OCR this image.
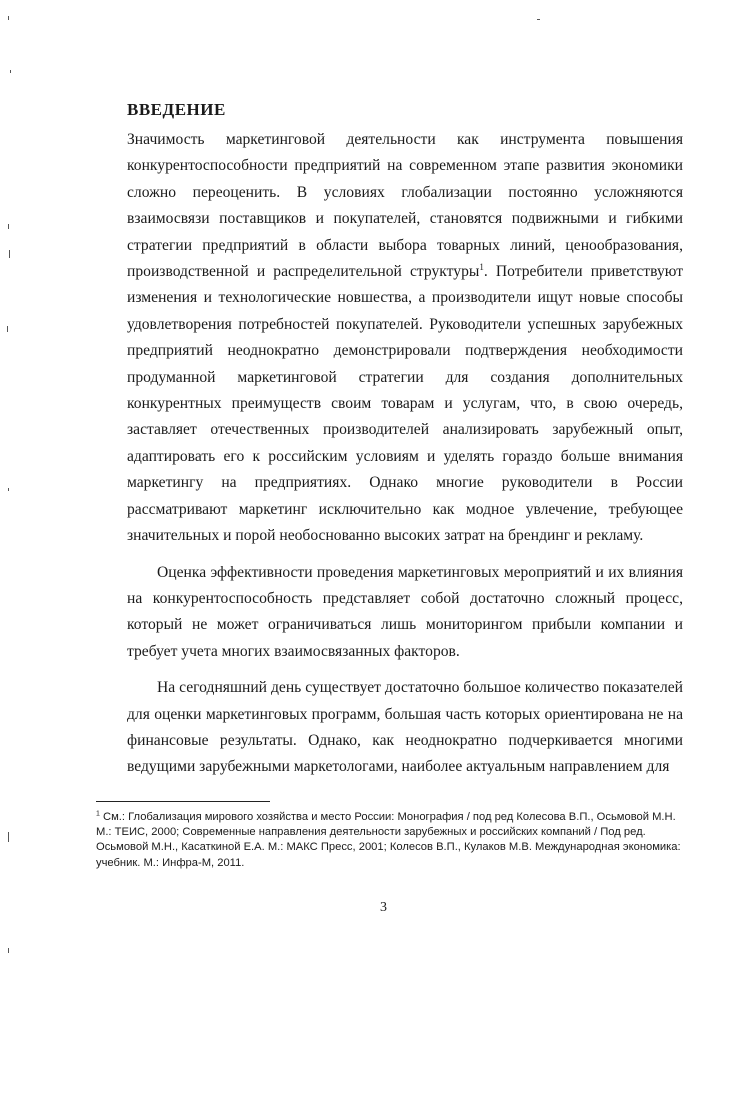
ВВЕДЕНИЕ

Значимость маркетинговой деятельности как инструмента повышения конкурентоспособности предприятий на современном этапе развития экономики сложно переоценить. В условиях глобализации постоянно усложняются взаимосвязи поставщиков и покупателей, становятся подвижными и гибкими стратегии предприятий в области выбора товарных линий, ценообразования, производственной и распределительной структуры$^1$. Потребители приветствуют изменения и технологические новшества, а производители ищут новые способы удовлетворения потребностей покупателей. Руководители успешных зарубежных предприятий неоднократно демонстрировали подтверждения необходимости продуманной маркетинговой стратегии для создания дополнительных конкурентных преимуществ своим товарам и услугам, что, в свою очередь, заставляет отечественных производителей анализировать зарубежный опыт, адаптировать его к российским условиям и уделять гораздо больше внимания маркетингу на предприятиях. Однако многие руководители в России рассматривают маркетинг исключительно как модное увлечение, требующее значительных и порой необоснованно высоких затрат на брендинг и рекламу.

Оценка эффективности проведения маркетинговых мероприятий и их влияния на конкурентоспособность представляет собой достаточно сложный процесс, который не может ограничиваться лишь мониторингом прибыли компании и требует учета многих взаимосвязанных факторов.

На сегодняшний день существует достаточно большое количество показателей для оценки маркетинговых программ, большая часть которых ориентирована не на финансовые результаты. Однако, как неоднократно подчеркивается многими ведущими зарубежными маркетологами, наиболее актуальным направлением для

$^1$ См.: Глобализация мирового хозяйства и место России: Монография / под ред Колесова В.П., Осьмовой М.Н. М.: ТЕИС, 2000; Современные направления деятельности зарубежных и российских компаний / Под ред. Осьмовой М.Н., Касаткиной Е.А. М.: МАКС Пресс, 2001; Колесов В.П., Кулаков М.В. Международная экономика: учебник. М.: Инфра-М, 2011.
3
